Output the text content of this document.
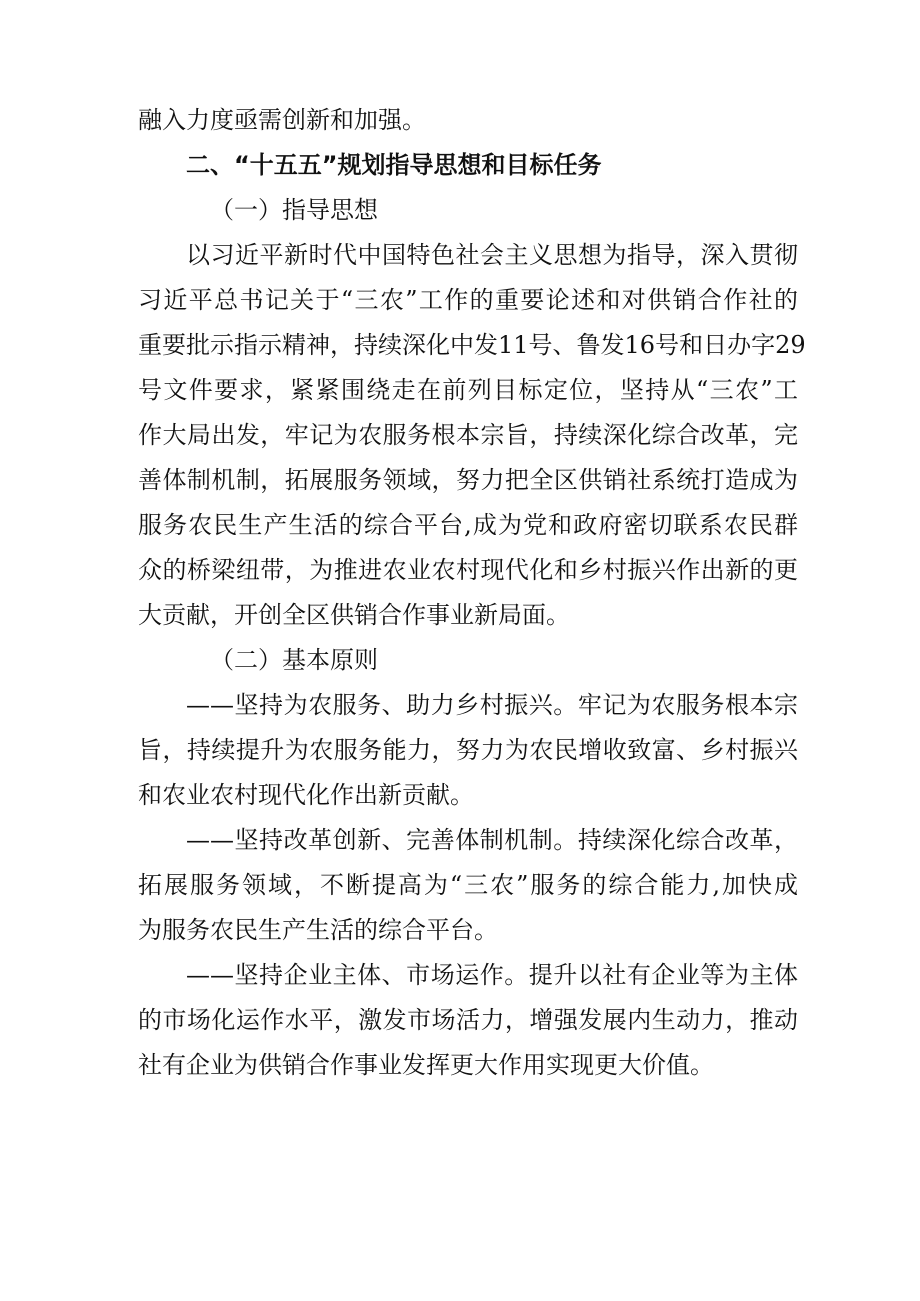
融入力度亟需创新和加强。
二、“十五五”规划指导思想和目标任务
（一）指导思想
以习近平新时代中国特色社会主义思想为指导，深入贯彻
习近平总书记关于“三农”工作的重要论述和对供销合作社的
重要批示指示精神，持续深化中发11号、鲁发16号和日办字29
号文件要求，紧紧围绕走在前列目标定位，坚持从“三农”工
作大局出发，牢记为农服务根本宗旨，持续深化综合改革，完
善体制机制，拓展服务领域，努力把全区供销社系统打造成为
服务农民生产生活的综合平台,成为党和政府密切联系农民群
众的桥梁纽带，为推进农业农村现代化和乡村振兴作出新的更
大贡献，开创全区供销合作事业新局面。
（二）基本原则
——坚持为农服务、助力乡村振兴。牢记为农服务根本宗
旨，持续提升为农服务能力，努力为农民增收致富、乡村振兴
和农业农村现代化作出新贡献。
——坚持改革创新、完善体制机制。持续深化综合改革，
拓展服务领域，不断提高为“三农”服务的综合能力,加快成
为服务农民生产生活的综合平台。
——坚持企业主体、市场运作。提升以社有企业等为主体
的市场化运作水平，激发市场活力，增强发展内生动力，推动
社有企业为供销合作事业发挥更大作用实现更大价值。
